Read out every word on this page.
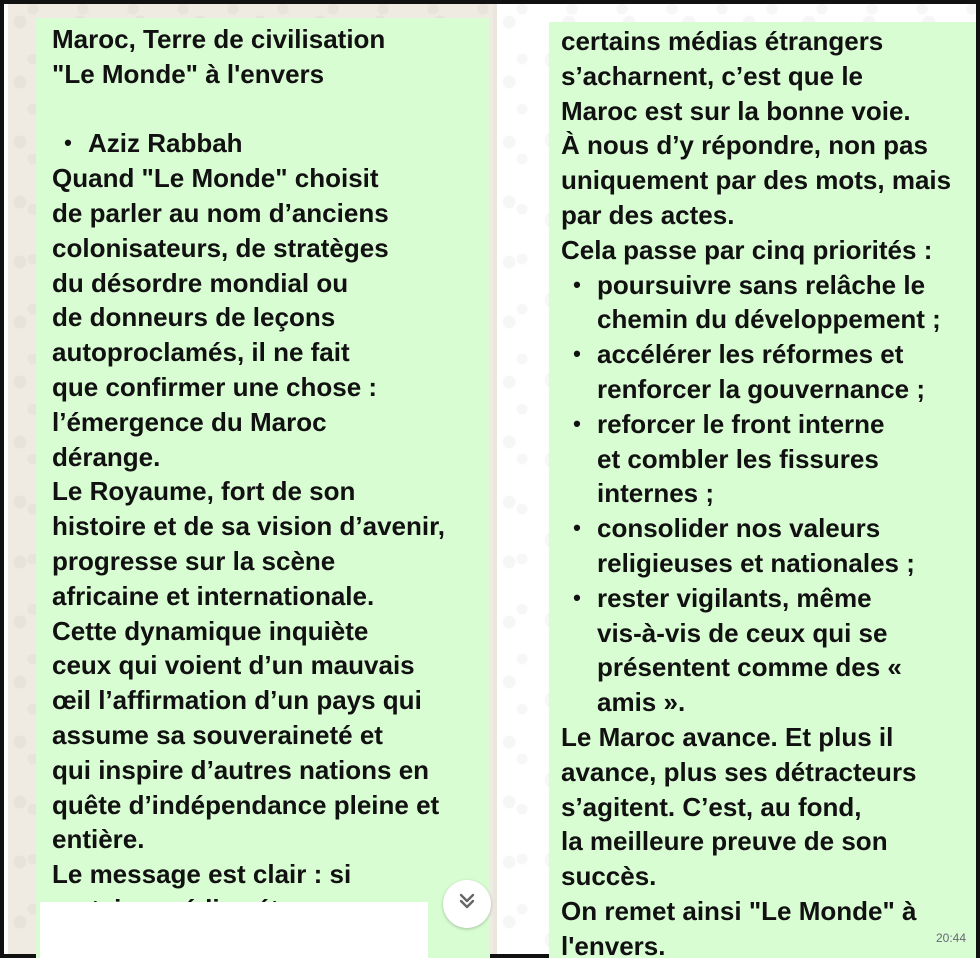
Maroc, Terre de civilisation
"Le Monde" à l'envers
• Aziz Rabbah
Quand "Le Monde" choisit
de parler au nom d’anciens
colonisateurs, de stratèges
du désordre mondial ou
de donneurs de leçons
autoproclamés, il ne fait
que confirmer une chose :
l’émergence du Maroc
dérange.
Le Royaume, fort de son
histoire et de sa vision d’avenir,
progresse sur la scène
africaine et internationale.
Cette dynamique inquiète
ceux qui voient d’un mauvais
œil l’affirmation d’un pays qui
assume sa souveraineté et
qui inspire d’autres nations en
quête d’indépendance pleine et
entière.
Le message est clair : si
certains médias étrangers
s’acharnent, c’est que le
Maroc est sur la bonne voie.
À nous d’y répondre, non pas
uniquement par des mots, mais
par des actes.
Cela passe par cinq priorités :
• poursuivre sans relâche le
chemin du développement ;
• accélérer les réformes et
renforcer la gouvernance ;
• reforcer le front interne
et combler les fissures
internes ;
• consolider nos valeurs
religieuses et nationales ;
• rester vigilants, même
vis-à-vis de ceux qui se
présentent comme des «
amis ».
Le Maroc avance. Et plus il
avance, plus ses détracteurs
s’agitent. C’est, au fond,
la meilleure preuve de son
succès.
On remet ainsi "Le Monde" à
l'envers.	20:44
